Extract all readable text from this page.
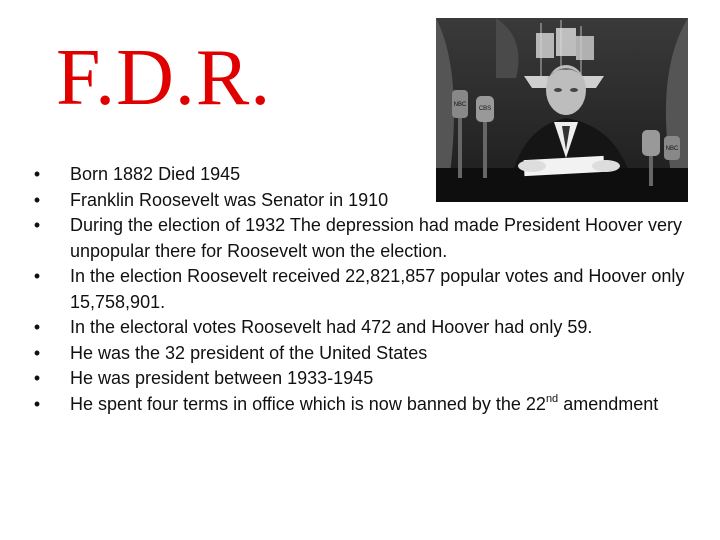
F.D.R.	NBC
CBS
NBC
•	Born 1882 Died 1945
•	Franklin Roosevelt was Senator in 1910
•	During the election of 1932 The depression had made President Hoover very unpopular there for Roosevelt won the election.
•	In the election Roosevelt received 22,821,857 popular votes and Hoover only 15,758,901.
•	In the electoral votes Roosevelt had 472 and Hoover had only 59.
•	He was the 32 president of the United States
•	He was president between 1933-1945
•	He spent four terms in office which is now banned by the 22nd amendment
